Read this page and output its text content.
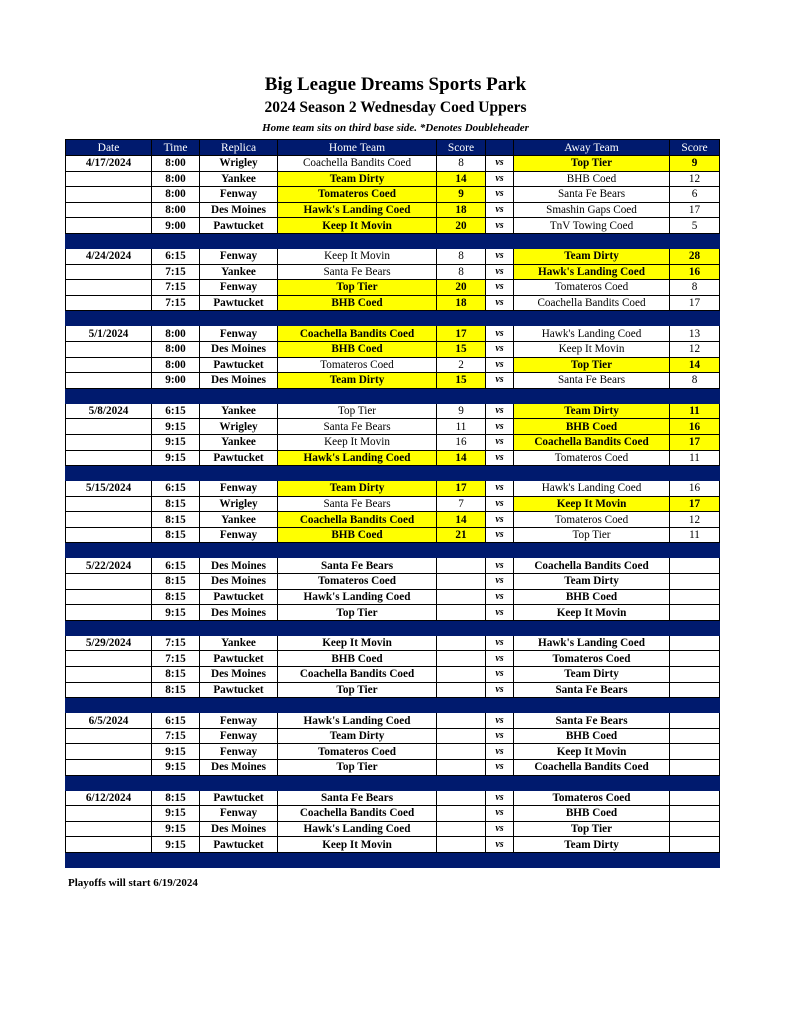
Big League Dreams Sports Park
2024 Season 2 Wednesday Coed Uppers
Home team sits on third base side. *Denotes Doubleheader
Date	Time	Replica	Home Team	Score		Away Team	Score
4/17/2024	8:00	Wrigley	Coachella Bandits Coed	8	vs	Top Tier	9
	8:00	Yankee	Team Dirty	14	vs	BHB Coed	12
	8:00	Fenway	Tomateros Coed	9	vs	Santa Fe Bears	6
	8:00	Des Moines	Hawk's Landing Coed	18	vs	Smashin Gaps Coed	17
	9:00	Pawtucket	Keep It Movin	20	vs	TnV Towing Coed	5

4/24/2024	6:15	Fenway	Keep It Movin	8	vs	Team Dirty	28
	7:15	Yankee	Santa Fe Bears	8	vs	Hawk's Landing Coed	16
	7:15	Fenway	Top Tier	20	vs	Tomateros Coed	8
	7:15	Pawtucket	BHB Coed	18	vs	Coachella Bandits Coed	17

5/1/2024	8:00	Fenway	Coachella Bandits Coed	17	vs	Hawk's Landing Coed	13
	8:00	Des Moines	BHB Coed	15	vs	Keep It Movin	12
	8:00	Pawtucket	Tomateros Coed	2	vs	Top Tier	14
	9:00	Des Moines	Team Dirty	15	vs	Santa Fe Bears	8

5/8/2024	6:15	Yankee	Top Tier	9	vs	Team Dirty	11
	9:15	Wrigley	Santa Fe Bears	11	vs	BHB Coed	16
	9:15	Yankee	Keep It Movin	16	vs	Coachella Bandits Coed	17
	9:15	Pawtucket	Hawk's Landing Coed	14	vs	Tomateros Coed	11

5/15/2024	6:15	Fenway	Team Dirty	17	vs	Hawk's Landing Coed	16
	8:15	Wrigley	Santa Fe Bears	7	vs	Keep It Movin	17
	8:15	Yankee	Coachella Bandits Coed	14	vs	Tomateros Coed	12
	8:15	Fenway	BHB Coed	21	vs	Top Tier	11

5/22/2024	6:15	Des Moines	Santa Fe Bears		vs	Coachella Bandits Coed	
	8:15	Des Moines	Tomateros Coed		vs	Team Dirty	
	8:15	Pawtucket	Hawk's Landing Coed		vs	BHB Coed	
	9:15	Des Moines	Top Tier		vs	Keep It Movin	

5/29/2024	7:15	Yankee	Keep It Movin		vs	Hawk's Landing Coed	
	7:15	Pawtucket	BHB Coed		vs	Tomateros Coed	
	8:15	Des Moines	Coachella Bandits Coed		vs	Team Dirty	
	8:15	Pawtucket	Top Tier		vs	Santa Fe Bears	

6/5/2024	6:15	Fenway	Hawk's Landing Coed		vs	Santa Fe Bears	
	7:15	Fenway	Team Dirty		vs	BHB Coed	
	9:15	Fenway	Tomateros Coed		vs	Keep It Movin	
	9:15	Des Moines	Top Tier		vs	Coachella Bandits Coed	

6/12/2024	8:15	Pawtucket	Santa Fe Bears		vs	Tomateros Coed	
	9:15	Fenway	Coachella Bandits Coed		vs	BHB Coed	
	9:15	Des Moines	Hawk's Landing Coed		vs	Top Tier	
	9:15	Pawtucket	Keep It Movin		vs	Team Dirty	

Playoffs will start 6/19/2024
